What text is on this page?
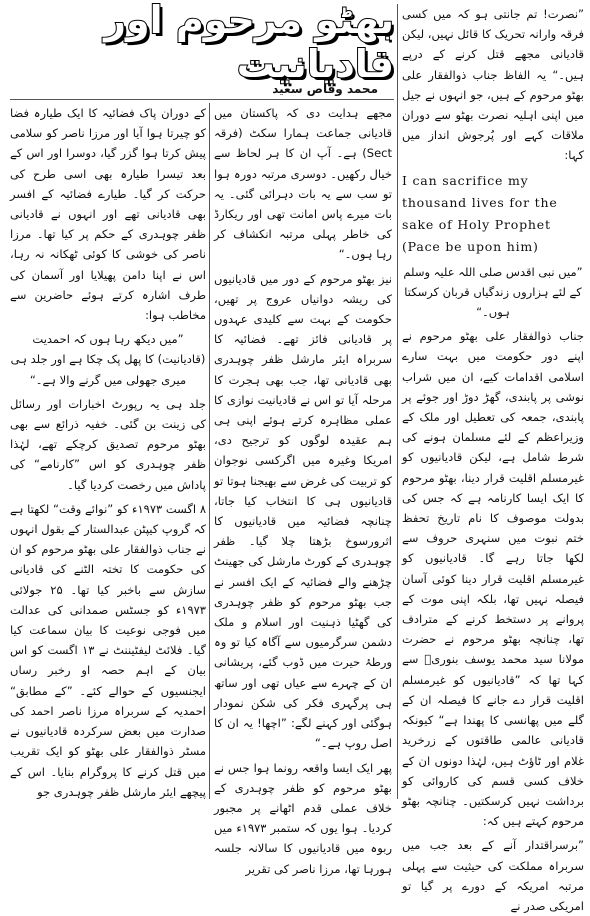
”نصرت! تم جانتی ہو کہ میں کسی فرقہ وارانہ تحریک کا قائل نہیں، لیکن قادیانی مجھے قتل کرنے کے درپے ہیں۔“ یہ الفاظ جناب ذوالفقار علی بھٹو مرحوم کے ہیں، جو انہوں نے جیل میں اپنی اہلیہ نصرت بھٹو سے دوران ملاقات کہے اور پُرجوش انداز میں کہا:

I can sacrifice my thousand lives for the sake of Holy Prophet (Pace be upon him)

”میں نبی اقدس صلی اللہ علیہ وسلم کے لئے ہزاروں زندگیاں قربان کرسکتا ہوں۔“

جناب ذوالفقار علی بھٹو مرحوم نے اپنے دور حکومت میں بہت سارے اسلامی اقدامات کیے، ان میں شراب نوشی پر پابندی، گھڑ دوڑ اور جوئے پر پابندی، جمعہ کی تعطیل اور ملک کے وزیراعظم کے لئے مسلمان ہونے کی شرط شامل ہے، لیکن قادیانیوں کو غیرمسلم اقلیت قرار دینا، بھٹو مرحوم کا ایک ایسا کارنامہ ہے کہ جس کی بدولت موصوف کا نام تاریخ تحفظ ختم نبوت میں سنہری حروف سے لکھا جاتا رہے گا۔ قادیانیوں کو غیرمسلم اقلیت قرار دینا کوئی آسان فیصلہ نہیں تھا، بلکہ اپنی موت کے پروانے پر دستخط کرنے کے مترادف تھا، چنانچہ بھٹو مرحوم نے حضرت مولانا سید محمد یوسف بنوریؒ سے کہا تھا کہ ”قادیانیوں کو غیرمسلم اقلیت قرار دے جانے کا فیصلہ ان کے گلے میں پھانسی کا پھندا ہے“ کیونکہ قادیانی عالمی طاقتوں کے زرخرید غلام اور ٹاؤٹ ہیں، لہٰذا دونوں ان کے خلاف کسی قسم کی کاروائی کو برداشت نہیں کرسکتیں۔ چنانچہ بھٹو مرحوم کہتے ہیں کہ:

”برسراقتدار آنے کے بعد جب میں سربراہ مملکت کی حیثیت سے پہلی مرتبہ امریکہ کے دورے پر گیا تو امریکی صدر نے

بھٹو مرحوم اور قادیانیت
محمد وقاص سعید

مجھے ہدایت دی کہ پاکستان میں قادیانی جماعت ہمارا سکٹ (فرقہ Sect) ہے۔ آپ ان کا ہر لحاظ سے خیال رکھیں۔ دوسری مرتبہ دورہ ہوا تو سب سے یہ بات دہرائی گئی۔ یہ بات میرے پاس امانت تھی اور ریکارڈ کی خاطر پہلی مرتبہ انکشاف کر رہا ہوں۔“

نیز بھٹو مرحوم کے دور میں قادیانیوں کی ریشہ دوانیاں عروج پر تھیں، حکومت کے بہت سے کلیدی عہدوں پر قادیانی فائز تھے۔ فضائیہ کا سربراہ ایئر مارشل ظفر چوہدری بھی قادیانی تھا، جب بھی ہجرت کا مرحلہ آیا تو اس نے قادیانیت نوازی کا عملی مظاہرہ کرتے ہوئے اپنی ہی ہم عقیدہ لوگوں کو ترجیح دی، امریکا وغیرہ میں اگرکسی نوجوان کو تربیت کی غرض سے بھیجنا ہوتا تو قادیانیوں ہی کا انتخاب کیا جاتا، چنانچہ فضائیہ میں قادیانیوں کا اثرورسوخ بڑھتا چلا گیا۔ ظفر چوہدری کے کورٹ مارشل کی جھینٹ چڑھنے والے فضائیہ کے ایک افسر نے جب بھٹو مرحوم کو ظفر چوہدری کی گھٹیا ذہنیت اور اسلام و ملک دشمن سرگرمیوں سے آگاہ کیا تو وہ ورطۂ حیرت میں ڈوب گئے، پریشانی ان کے چہرے سے عیاں تھی اور ساتھ ہی پرگہری فکر کی شکن نمودار ہوگئی اور کہنے لگے: ”اچھا! یہ ان کا اصل روپ ہے۔“

پھر ایک ایسا واقعہ رونما ہوا جس نے بھٹو مرحوم کو ظفر چوہدری کے خلاف عملی قدم اٹھانے پر مجبور کردیا۔ ہوا یوں کہ ستمبر ۱۹۷۳ء میں ربوہ میں قادیانیوں کا سالانہ جلسہ ہورہا تھا، مرزا ناصر کی تقریر

کے دوران پاک فضائیہ کا ایک طیارہ فضا کو چیرتا ہوا آیا اور مرزا ناصر کو سلامی پیش کرتا ہوا گزر گیا، دوسرا اور اس کے بعد تیسرا طیارہ بھی اسی طرح کی حرکت کر گیا۔ طیارے فضائیہ کے افسر بھی قادیانی تھے اور انہوں نے قادیانی ظفر چوہدری کے حکم پر کیا تھا۔ مرزا ناصر کی خوشی کا کوئی ٹھکانہ نہ رہا، اس نے اپنا دامن پھیلایا اور آسمان کی طرف اشارہ کرتے ہوئے حاضرین سے مخاطب ہوا:

”میں دیکھ رہا ہوں کہ احمدیت (قادیانیت) کا پھل پک چکا ہے اور جلد ہی میری جھولی میں گرنے والا ہے۔“

جلد ہی یہ رپورٹ اخبارات اور رسائل کی زینت بن گئی۔ خفیہ ذرائع سے بھی بھٹو مرحوم تصدیق کرچکے تھے، لہٰذا ظفر چوہدری کو اس ”کارنامے“ کی پاداش میں رخصت کردیا گیا۔

۸ اگست ۱۹۷۳ء کو ”نوائے وقت“ لکھتا ہے کہ گروپ کیپٹن عبدالستار کے بقول انہوں نے جناب ذوالفقار علی بھٹو مرحوم کو ان کی حکومت کا تختہ الٹنے کی قادیانی سازش سے باخبر کیا تھا۔ ۲۵ جولائی ۱۹۷۳ء کو جسٹس صمدانی کی عدالت میں فوجی نوعیت کا بیان سماعت کیا گیا۔ فلائٹ لیفٹیننٹ نے ۱۳ اگست کو اس بیان کے اہم حصہ او رخبر رساں ایجنسیوں کے حوالے کئے۔ ”کے مطابق“ احمدیہ کے سربراہ مرزا ناصر احمد کی صدارت میں بعض سرکردہ قادیانیوں نے مسٹر ذوالفقار علی بھٹو کو ایک تقریب میں قتل کرنے کا پروگرام بنایا۔ اس کے پیچھے ایئر مارشل ظفر چوہدری جو
